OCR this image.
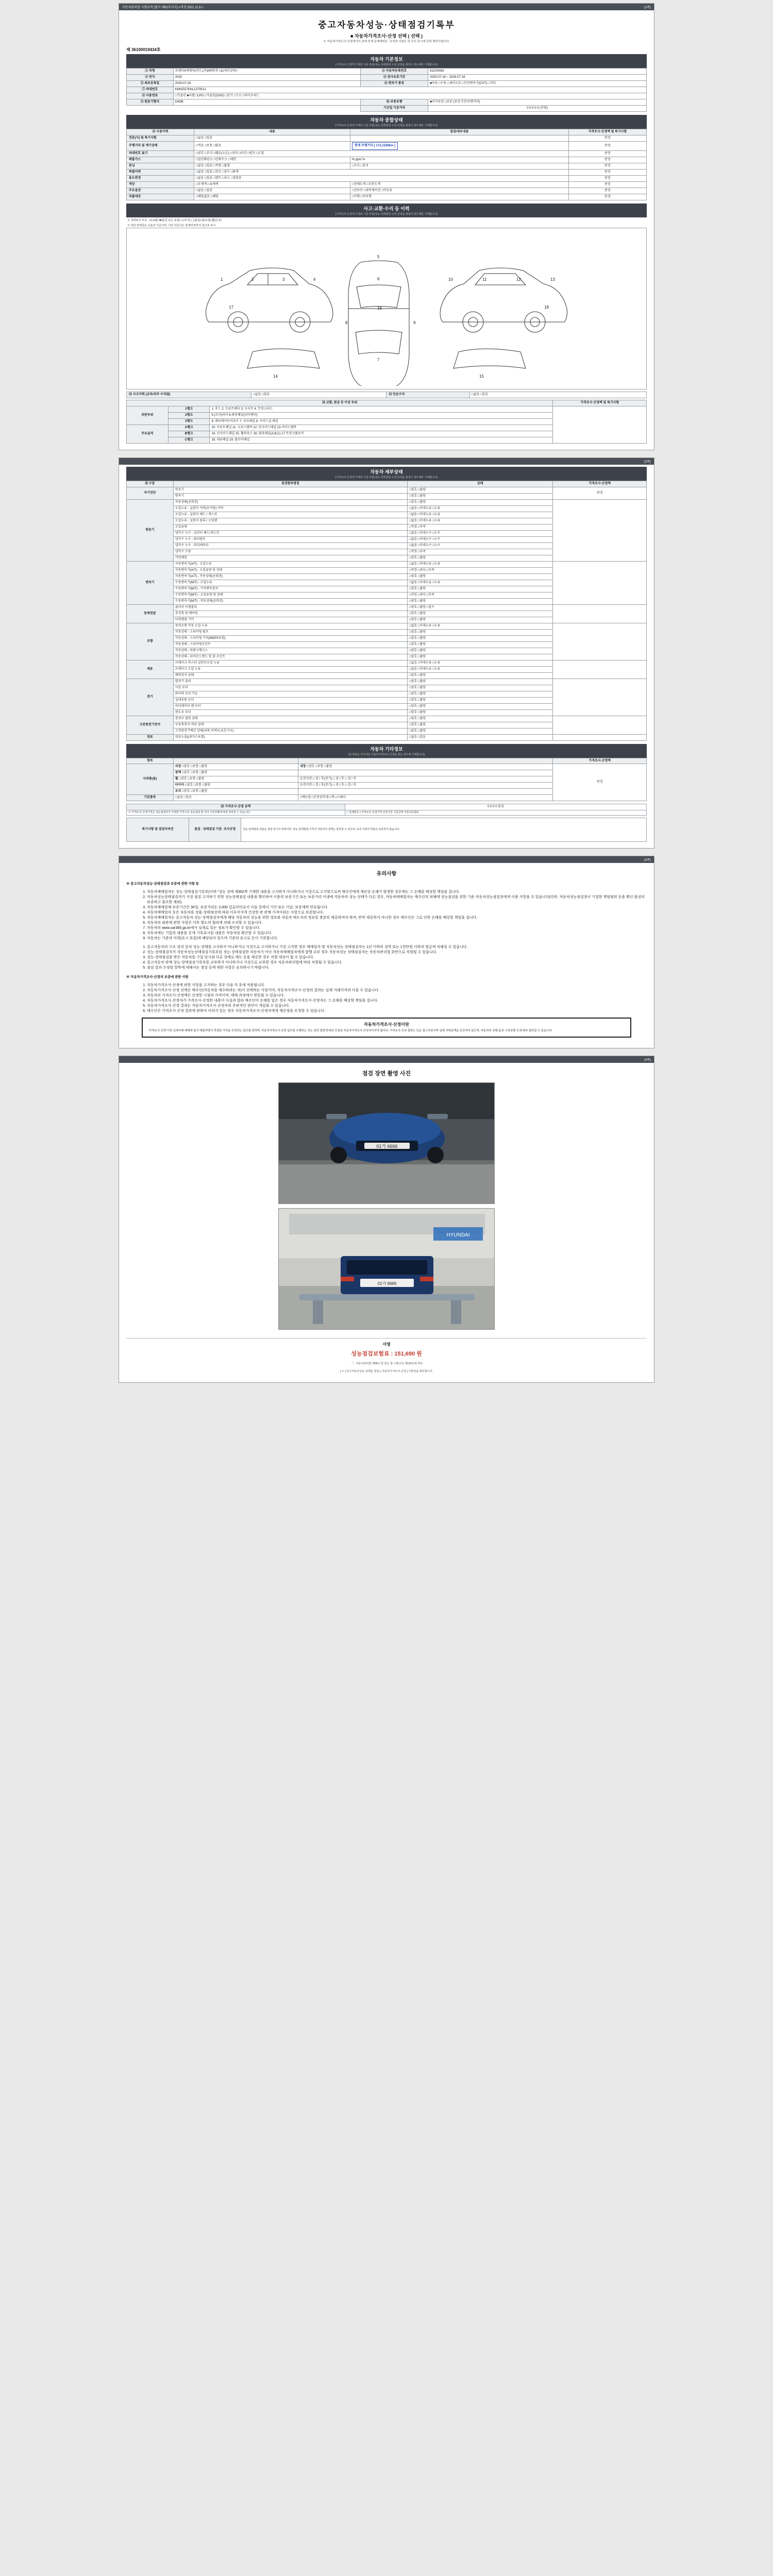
자동차관리법 시행규칙 [별지 제82호서식] <개정 2021.11.9.>	(1쪽)
중고자동차성능·상태점검기록부
■ 자동차가격조사·산정 선택 ( 선택 )
※ 자동차가격조사·산정에서의 본래 중에 문제에따른 ·산정에 사항은 및 등의 표시에 관한 해당사합니다.
제 36100019434호
자동차 기본정보
(가격조사·산정액 기재의 기준 부분(성능·상태점검 수정·산정을 점검이 경우에만 기재합니다)
① 차명	쏘렌티4세대차(전트,(주)KR회전 <11세부갈링>	② 자동차등록번호	81C00062
③ 연식	2020	④ 검사유효기간	2025-07-16 ~ 2026-07-18
⑤ 최초등록일	2020-07-16	⑥ 변속기 종류	■자동 □수동 □세미오토 □무단변속기(CVT) □기타
⑦ 차대번호	KMHZG7KNLL079121		
⑧ 사용연료	□가솔린 ■디젤 □LPG □가솔린(CNG) □전기 □수소 □하이브리드		
⑨ 원동기형식	D4DB	⑩ 보증유형	■자가보증 □보증 (보증기간/주행거리)
		기산일 기준거리	0 0 0 0 0 (안함)
자동차 종합상태
(가격조사·산정액 기재의 기준 부분(성능·상태점검 수정·산정을 점검이 경우에만 기재합니다)
⑪ 사용이력	내용	점검/세부내용	가격조사·산정액 및 특기사항
견문(사) 및 특기사항	□없음 □있음		판정
주행거리 및 계기상태	□적음 □보통 □많음	현재 주행거리 [ 172,1529km ]	판정
차대번호 표기	□양호 □부식 □훼손(오손) □상이 □타각 □변조 □도말		판정
배출가스	□일산화탄소 □탄화수소 □매연	% ppm %	판정
튜닝	□없음 □있음 □적법 □불법	□구조 □장치	판정
특별이력	□없음 □있음 □전손 □침수 □화재		판정
용도변경	□없음 □있음 □렌트 □리스 □영업용		판정
색상	□무채색 □유채색	□전체도색 □부분도색	판정
주요옵션	□없음 □있음	□선루프 □내비게이션 □미등록	판정
리콜대상	□해당없음 □해당	□이행 □미이행	판정
사고·교환·수리 등 이력
(가격조사·산정액 기재의 기준 부분(성능·상태점검 수정·산정을 점검이 경우에만 기재합니다)
※ 상태표시 부호 : ✕(교환) ✖(판금 또는 용접) △(부식) ▢(흠집) ▣(요철) ▦(손상)
※ 하단 달력중은 승용차 기준이며, 기타 차종식은 상태에 맞추어 참고로 표시
1	2	3	4
5
6
16
7
8	9
10	11	12	13
14	15
17	18
⑫ 사고이력 (교차/외부 수리됨)	□없음 □있음	⑬ 단순수리	□없음 □있음
⑭ 교환, 판금 등 이상 부위			가격조사·산정액 및 특기사항
외판부위	1랭크	1. 후드 2. 프론트펜더 3. 도어프 4. 트렁크리드	
	2랭크	5.(도어)라이 6.쿼터패널(리어펜더)	
	3랭크	9. 레디에이터서포트 7. 루프패널 8. 사이드실 패널	
주요골격	A랭크	10. 프론트패널 11. 크로스멤버 12. 인사이드패널 13.사이드멤버	
	B랭크	14. 인사이드패널 15. 휠하우스 16. 필라패널(A,B,C) 17.트렁크플로어	
	C랭크	18. 대쉬패널 19. 플로어패널	
(2쪽)
자동차 세부상태
(가격조사·산정액 기재의 기준 부분(성능·상태점검 수정·산정을 점검이 경우에만 기재합니다)
⑮ 구분	점검항목명칭	상태	가격조사·산정액
자기진단	원동기	□양호 □불량	판정
	변속기	□양호 □불량	
원동기	작동상태(공회전)	□양호 □불량	
	오일누유 - 실린더 커버(로커암) 커버	□없음 □미세누유 □누유	
	오일누유 - 실린더 헤드 / 개스킷	□없음 □미세누유 □누유	
	오일누유 - 실린더 블록 / 오일팬	□없음 □미세누유 □누유	
	오일유량	□적정 □부족	
	냉각수 누수 - 실린더 헤드/개스킷	□없음 □미세누수 □누수	
	냉각수 누수 - 워터펌프	□없음 □미세누수 □누수	
	냉각수 누수 - 라디에이터	□없음 □미세누수 □누수	
	냉각수 수량	□적정 □부족	
	커먼레일	□양호 □불량	
변속기	자동변속기(A/T) - 오일누유	□없음 □미세누유 □누유	
	자동변속기(A/T) - 오일유량 및 상태	□적정 □과다 □부족	
	자동변속기(A/T) - 작동상태(공회전)	□양호 □불량	
	수동변속기(M/T) - 오일누유	□없음 □미세누유 □누유	
	수동변속기(M/T) - 기어변속장치	□양호 □불량	
	수동변속기(M/T) - 오일유량 및 상태	□적정 □과다 □부족	
	수동변속기(M/T) - 작동상태(공회전)	□양호 □불량	
동력전달	클러치 어셈블리	□양호 □불량 □침수	
	추진축 및 베어링	□양호 □불량	
	디퍼렌셜 기어	□양호 □불량	
조향	동력조향 작동 오일 누유	□없음 □미세누유 □누유	
	작동상태 - 스티어링 펌프	□양호 □불량	
	작동상태 - 스티어링 기어(MDPS포함)	□양호 □불량	
	작동상태 - 스티어링조인트	□양호 □불량	
	작동상태 - 파워크랭크스	□양호 □불량	
	작동상태 - 타이로드엔드 및 볼 조인트	□양호 □불량	
제동	브레이크 마스터 실린더오일 누유	□없음 □미세누유 □누유	
	브레이크 오일 누유	□없음 □미세누유 □누유	
	배력장치 상태	□양호 □불량	
전기	발전기 출력	□양호 □불량	
	시동 모터	□양호 □불량	
	와이퍼 모터 기능	□양호 □불량	
	실내송풍 모터	□양호 □불량	
	라디에이터 팬 모터	□양호 □불량	
	윈도우 모터	□양호 □불량	
고전원전기장치	충전구 절연 상태	□양호 □불량	
	구동축전지 격리 상태	□양호 □불량	
	고전원전기배선 상태(피복,커넥터,보호기구)	□양호 □불량	
연료	연료누출(LP가스포함)	□없음 □있음	
자동차 기타정보
(⑯ 항목은 부가적인 자동차가격조사·산정을 받는 경우에 기재합니다)
항목			가격조사·산정액
사외품(옵)	외장 □양호 □보통 □불량	내장 □양호 □보통 □불량	판정
	광택 □양호 □보통 □불량		
	휠 □양호 □보통 □불량	운전석전 □ 전 / 후(전기) □ 전 / 후 □ 전 / 후	
	타이어 □양호 □보통 □불량	운전석전 □ 전 / 후(전기) □ 전 / 후 □ 전 / 후	
	유리 □양호 □보통 □불량		
기본품목	□없음 □있음	□매뉴얼 □안전삼각대 □잭 □스패너	
㉕ 가격조사·산정 금액	0 0 0 0 원정
※ 가격조사·산정가격은 성능점검자가 가정한 가격으로 성능점검 및 기타 시장상황에 따라 달라질 수 있습니다.	□ 업체번호 □가격조사·산정가격 산정기준 기준금액 자동차보험료
특기사항 및 점검자의견	점검 · 상태점검 기준· 조사산정	성능·상태점검 내용은 점검 당시의 상태이며, 성능·상태점검 이후의 자동차의 상태는 달라질 수 있으며, 보증 이외의 부분은 보증하지 않습니다.
(3쪽)
유의사항
※ 중고자동차성능·상태점검과 보증에 관한 사항 등
1. 자동차매매업자는 성능·상태점검기록부(이하 "성능 상태 제352쪽 기재한 내용을 고지하지 아니하거나 거짓으로 고지할으로써 매수인에게 재산상 손해가 발생한 경우에는 그 손해를 배상할 책임을 집니다.
2. 자동차성능상태점검자가 거짓 점검 고지하기 위한 성능상태점검 내용을 확인하여 이용의 보증기간 또는 보증거리 이내에 자동차의 성능·상태가 다른 경우, 자동차매매업자는 매수인의 피해에 성능점검을 위한 기준·자동차성능점검장에게 이용 사항을 수 있습니다(다만, 자동차성능점검장이 기업한 책임범위 등을 확인 불성의 보증하고 참조한 제외).
3. 자동차매매업체 보증기간은 30일, 보증거리는 2,000 킬로미터로서 이들 중에서 기간 또는 이날, 보증계약 만료됩니다.
4. 자동차매매업자 등은 자동차를 상품·상태점검에 따라 이루어지게 건강한 판 판매 가격이라는 사항으로 보증합니다.
5. 자동차매매업자는 중고자동차 성능·상태점검자에게 해당 자동차의 성능을 위한 정보와 자동차 매도자의 정보를 충분히 제공하여야 하며, 만약 제공하지 아니한 경우 매수인은 그로 인한 손해를 배상할 책임을 집니다.
6. 자동차의 외관에 관한 사항은 이후 별도의 협의에 의해 조치할 수 있습니다.
7. 자동차의 www.car365.go.kr에서 실제로 있는 정보가 확인할 수 있습니다.
8. 자동차에는 기입의 내용을 공개·기록표시된 내용은 자동차를 확인할 수 있습니다.
9. 자동차는 기준의 이력(표시 부분)에 해당되어 있으며 기준의 표시로 등이 기록합니다.
1. 중고자동차의 구조·장치 등의 성능·상태를 고지하지 아니하거나 거짓으로 고지하거나 거짓 고지한 경우 매매업자 및 자동차성능 상태점검자는 1년 이하의 징역 또는 1천만원 이하의 벌금에 처해질 수 있습니다.
2. 성능·상태점검자가 자동차성능상태점검기록부를 성능·상태점검한 자동차가 아닌 자동차매매업자에게 발행 교부 경우 자동차성능 상태점검자는 자동차관리법 위반으로 처벌될 수 있습니다.
3. 성능·상태점검을 받은 자동차를 구입 당시와 다른 상태로 매도 등을 제공한 경우 처벌 대상이 될 수 있습니다.
4. 중고자동차 판매 성능·상태점검기록부를 교부하지 아니하거나 거짓으로 교부한 경우 자동차관리법에 따라 처벌될 수 있습니다.
5. 점검 결과 수정된 항목에 대해서는 점검 등에 대한 사항은 유의하시기 바랍니다.
※ 자동차가격조사·산정의 보증에 관한 사항
1. 자동차가격조사·산정에 관한 사항을 고지하는 경우 다음 각 호에 적용됩니다.
2. 자동차가격조사·산정 선택은 매수인(자동차를 매수하려는 자)이 선택하는 사항이며, 자동차가격조사·산정의 결과는 실제 거래가격과 다를 수 있습니다.
3. 자동차의 가격조사·산정액은 산정한 시점의 가격이며, 매매 과정에서 변동될 수 있습니다.
4. 자동차가격조사·산정자가 가격조사·산정한 내용이 사실과 달라 매수인이 손해를 입은 경우 자동차가격조사·산정자는 그 손해를 배상할 책임을 집니다.
5. 자동차가격조사·산정 결과는 자동차가격조사·산정자의 주관적인 판단이 개입될 수 있습니다.
6. 매수인은 가격조사·산정 결과에 관하여 이의가 있는 경우 자동차가격조사·산정자에게 재산정을 요청할 수 있습니다.
자동차가격조사·산정이란
"가격조사·산정"이란 실제거래 매매에 앞서 매물차량의 적절한 가격을 산정하는 업무를 말하며, 자동차가격조사·산정 업무를 수행하는 자는 관련 법령에 따라 등록된 자동차가격조사·산정자이어야 합니다. 가격조사·산정 결과는 단순 참고자료이며 실제 거래금액을 보증하지 않으며, 자동차의 상태·옵션·시장상황 등에 따라 달라질 수 있습니다.
(4쪽)
점검 장면 촬영 사진
01가 6666
01가 6666
HYUNDAI
서명
성능점검보험료 : 151,690 원
「」자동차관리법 제58조 및 같은 법 시행규칙 제120조에 따라
[ ※ ] 중고자동차성능·상태를 점검, [ 자동차가격조사·산정 ] 사항임을 확인합니다.
